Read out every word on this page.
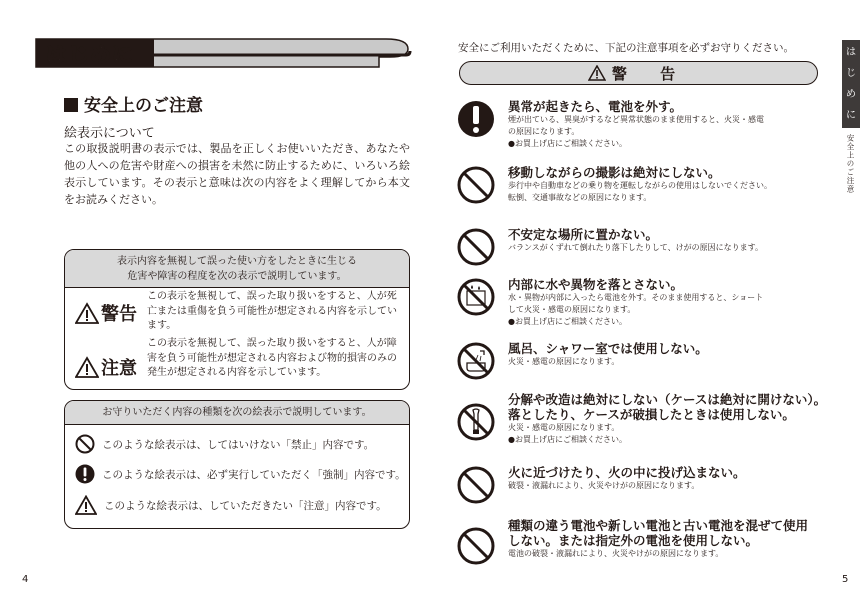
はじめに
安全上のご注意
絵表示について
この取扱説明書の表示では、製品を正しくお使いいただき、あなたや他の人への危害や財産への損害を未然に防止するために、いろいろ絵表示しています。その表示と意味は次の内容をよく理解してから本文をお読みください。
表示内容を無視して誤った使い方をしたときに生じる
危害や障害の程度を次の表示で説明しています。
警告
この表示を無視して、誤った取り扱いをすると、人が死亡または重傷を負う可能性が想定される内容を示しています。
注意
この表示を無視して、誤った取り扱いをすると、人が障害を負う可能性が想定される内容および物的損害のみの発生が想定される内容を示しています。
お守りいただく内容の種類を次の絵表示で説明しています。
このような絵表示は、してはいけない「禁止」内容です。
このような絵表示は、必ず実行していただく「強制」内容です。
このような絵表示は、していただきたい「注意」内容です。
4
安全にご利用いただくために、下記の注意事項を必ずお守りください。
警 告
異常が起きたら、電池を外す。
煙が出ている、異臭がするなど異常状態のまま使用すると、火災・感電
の原因になります。
●お買上げ店にご相談ください。
移動しながらの撮影は絶対にしない。
歩行中や自動車などの乗り物を運転しながらの使用はしないでください。
転倒、交通事故などの原因になります。
不安定な場所に置かない。
バランスがくずれて倒れたり落下したりして、けがの原因になります。
内部に水や異物を落とさない。
水・異物が内部に入ったら電池を外す。そのまま使用すると、ショート
して火災・感電の原因になります。
●お買上げ店にご相談ください。
風呂、シャワー室では使用しない。
火災・感電の原因になります。
分解や改造は絶対にしない（ケースは絶対に開けない）。
落としたり、ケースが破損したときは使用しない。
火災・感電の原因になります。
●お買上げ店にご相談ください。
火に近づけたり、火の中に投げ込まない。
破裂・液漏れにより、火災やけがの原因になります。
種類の違う電池や新しい電池と古い電池を混ぜて使用
しない。または指定外の電池を使用しない。
電池の破裂・液漏れにより、火災やけがの原因になります。
は
じ
め
に
安全上のご注意
5
